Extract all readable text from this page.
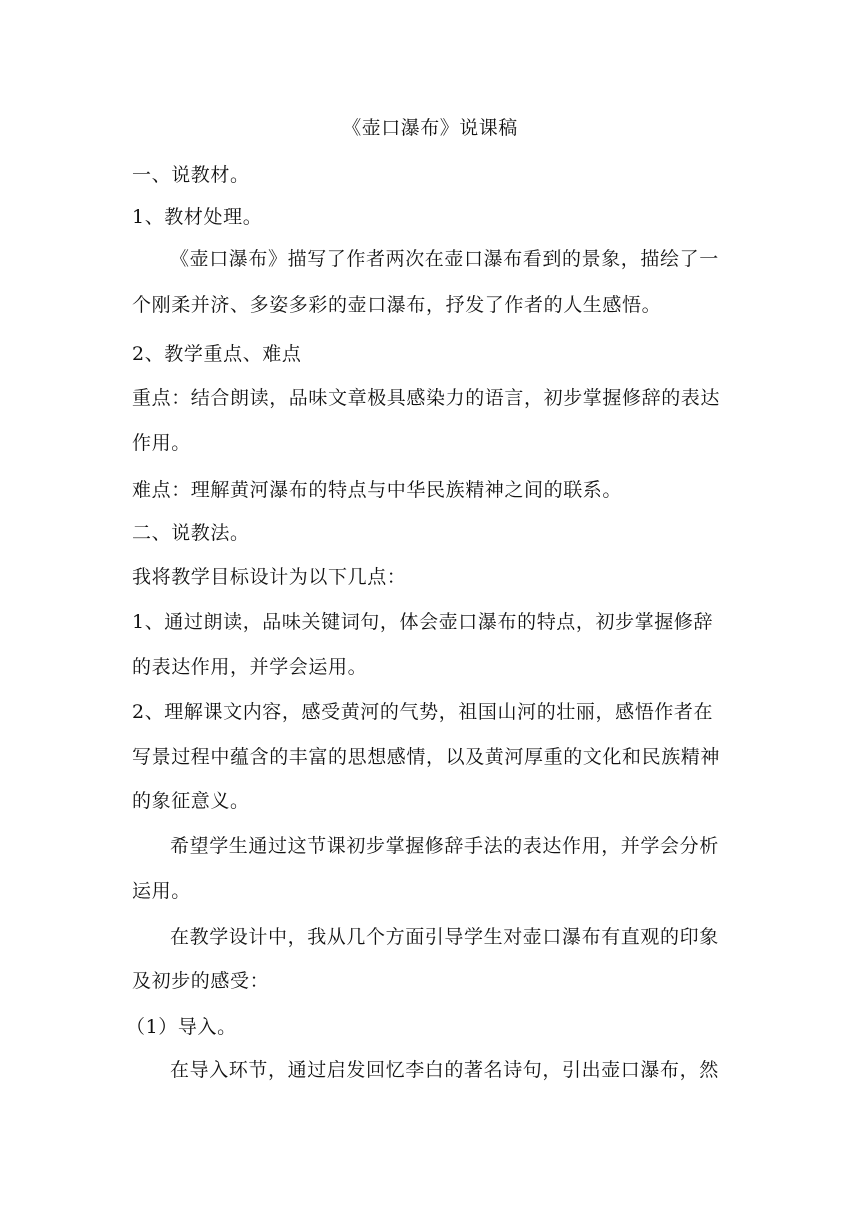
《壶口瀑布》说课稿
一、说教材。
1、教材处理。
《壶口瀑布》描写了作者两次在壶口瀑布看到的景象，描绘了一
个刚柔并济、多姿多彩的壶口瀑布，抒发了作者的人生感悟。
2、教学重点、难点
重点：结合朗读，品味文章极具感染力的语言，初步掌握修辞的表达
作用。
难点：理解黄河瀑布的特点与中华民族精神之间的联系。
二、说教法。
我将教学目标设计为以下几点：
1、通过朗读，品味关键词句，体会壶口瀑布的特点，初步掌握修辞
的表达作用，并学会运用。
2、理解课文内容，感受黄河的气势，祖国山河的壮丽，感悟作者在
写景过程中蕴含的丰富的思想感情，以及黄河厚重的文化和民族精神
的象征意义。
希望学生通过这节课初步掌握修辞手法的表达作用，并学会分析
运用。
在教学设计中，我从几个方面引导学生对壶口瀑布有直观的印象
及初步的感受：
（1）导入。
在导入环节，通过启发回忆李白的著名诗句，引出壶口瀑布，然
